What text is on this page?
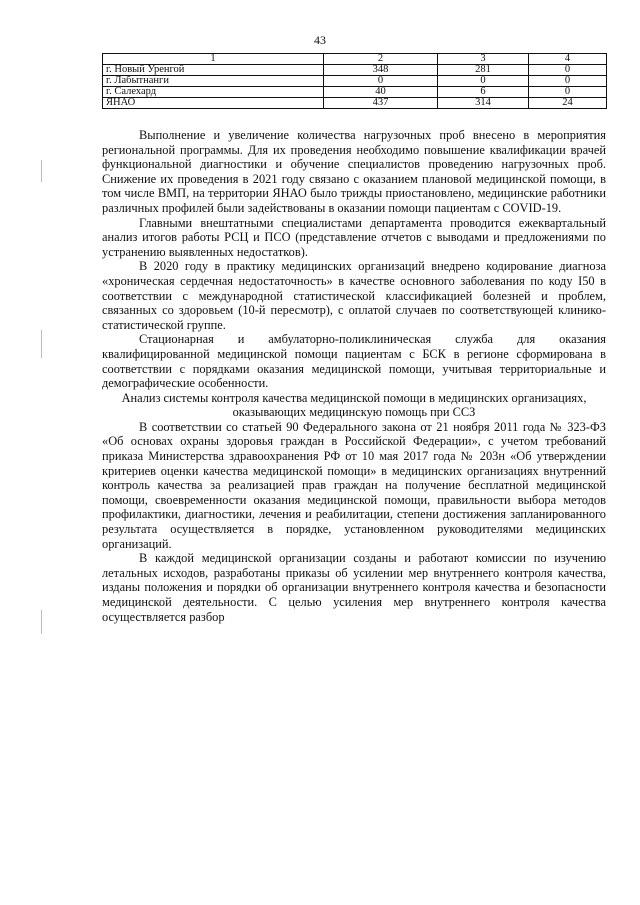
43
1	2	3	4
г. Новый Уренгой	348	281	0
г. Лабытнанги	0	0	0
г. Салехард	40	6	0
ЯНАО	437	314	24

Выполнение и увеличение количества нагрузочных проб внесено в мероприятия региональной программы. Для их проведения необходимо повышение квалификации врачей функциональной диагностики и обучение специалистов проведению нагрузочных проб. Снижение их проведения в 2021 году связано с оказанием плановой медицинской помощи, в том числе ВМП, на территории ЯНАО было трижды приостановлено, медицинские работники различных профилей были задействованы в оказании помощи пациентам с COVID-19.

Главными внештатными специалистами департамента проводится ежеквартальный анализ итогов работы РСЦ и ПСО (представление отчетов с выводами и предложениями по устранению выявленных недостатков).

В 2020 году в практику медицинских организаций внедрено кодирование диагноза «хроническая сердечная недостаточность» в качестве основного заболевания по коду I50 в соответствии с международной статистической классификацией болезней и проблем, связанных со здоровьем (10-й пересмотр), с оплатой случаев по соответствующей клинико-статистической группе.

Стационарная и амбулаторно-поликлиническая служба для оказания квалифицированной медицинской помощи пациентам с БСК в регионе сформирована в соответствии с порядками оказания медицинской помощи, учитывая территориальные и демографические особенности.

Анализ системы контроля качества медицинской помощи в медицинских организациях, оказывающих медицинскую помощь при ССЗ

В соответствии со статьей 90 Федерального закона от 21 ноября 2011 года № 323-ФЗ «Об основах охраны здоровья граждан в Российской Федерации», с учетом требований приказа Министерства здравоохранения РФ от 10 мая 2017 года № 203н «Об утверждении критериев оценки качества медицинской помощи» в медицинских организациях внутренний контроль качества за реализацией прав граждан на получение бесплатной медицинской помощи, своевременности оказания медицинской помощи, правильности выбора методов профилактики, диагностики, лечения и реабилитации, степени достижения запланированного результата осуществляется в порядке, установленном руководителями медицинских организаций.

В каждой медицинской организации созданы и работают комиссии по изучению летальных исходов, разработаны приказы об усилении мер внутреннего контроля качества, изданы положения и порядки об организации внутреннего контроля качества и безопасности медицинской деятельности. С целью усиления мер внутреннего контроля качества осуществляется разбор
